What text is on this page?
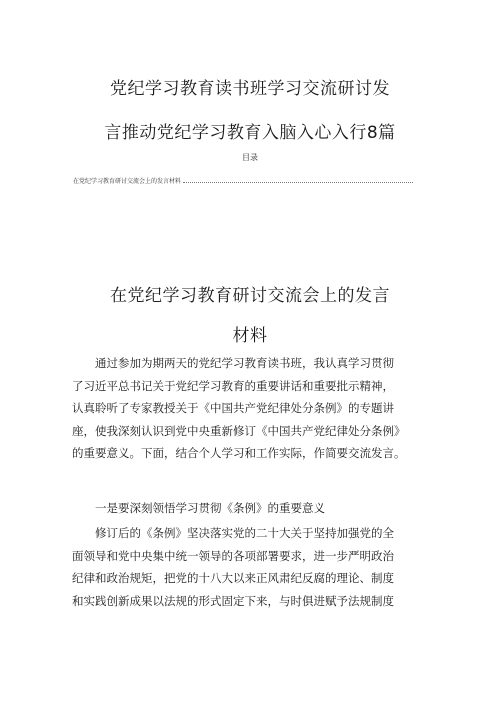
党纪学习教育读书班学习交流研讨发
言推动党纪学习教育入脑入心入行8篇
目录
在党纪学习教育研讨交流会上的发言材料
在党纪学习教育研讨交流会上的发言
材料
通过参加为期两天的党纪学习教育读书班，我认真学习贯彻
了习近平总书记关于党纪学习教育的重要讲话和重要批示精神，
认真聆听了专家教授关于《中国共产党纪律处分条例》的专题讲
座，使我深刻认识到党中央重新修订《中国共产党纪律处分条例》
的重要意义。下面，结合个人学习和工作实际，作简要交流发言。
一是要深刻领悟学习贯彻《条例》的重要意义
修订后的《条例》坚决落实党的二十大关于坚持加强党的全
面领导和党中央集中统一领导的各项部署要求，进一步严明政治
纪律和政治规矩，把党的十八大以来正风肃纪反腐的理论、制度
和实践创新成果以法规的形式固定下来，与时俱进赋予法规制度
